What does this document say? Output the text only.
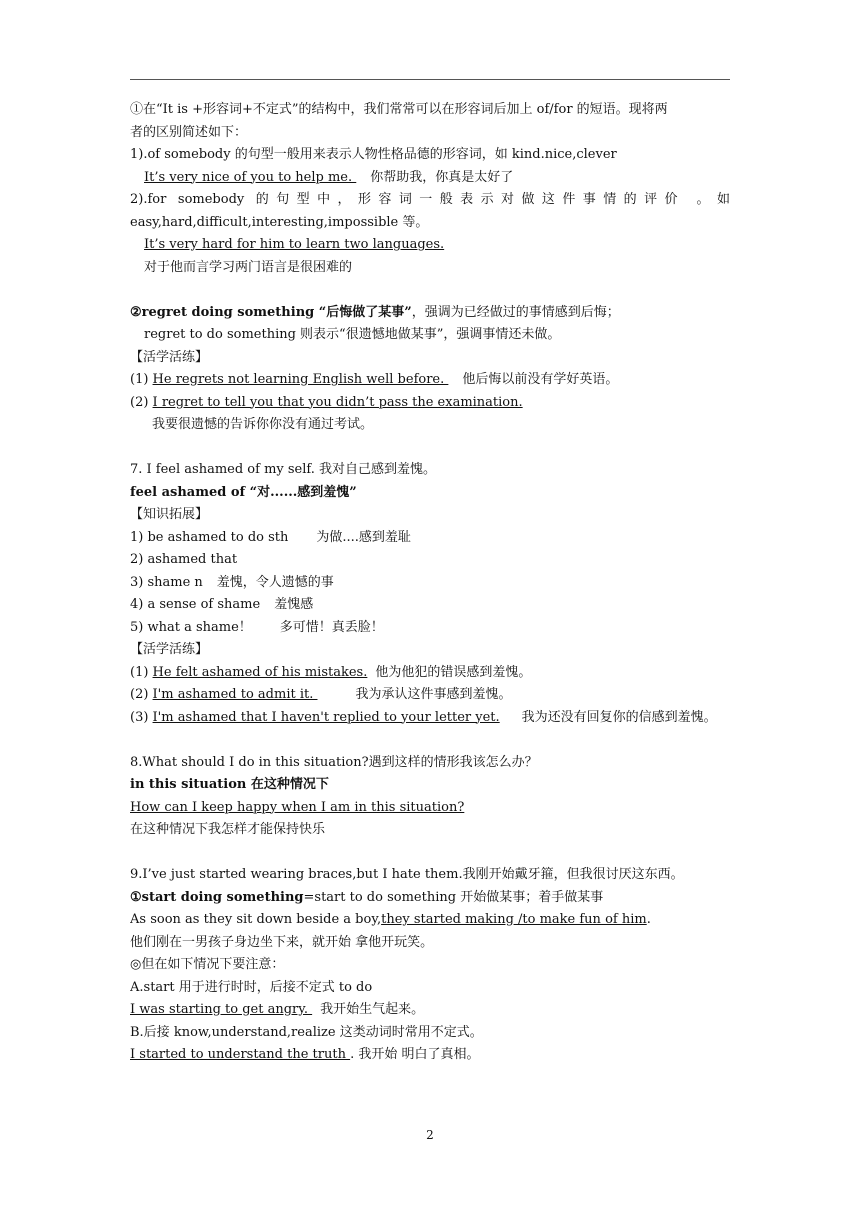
①在“It is +形容词+不定式”的结构中，我们常常可以在形容词后加上 of/for 的短语。现将两
者的区别简述如下：
1).of somebody 的句型一般用来表示人物性格品德的形容词，如 kind.nice,clever
It’s very nice of you to help me. 你帮助我，你真是太好了
2).for somebody 的句型中，形容词一般表示对做这件事情的评价 。如
easy,hard,difficult,interesting,impossible 等。
It’s very hard for him to learn two languages.
对于他而言学习两门语言是很困难的
②regret doing something “后悔做了某事”，强调为已经做过的事情感到后悔；
regret to do something 则表示“很遗憾地做某事”，强调事情还未做。
【活学活练】
(1) He regrets not learning English well before. 他后悔以前没有学好英语。
(2) I regret to tell you that you didn’t pass the examination.
我要很遗憾的告诉你你没有通过考试。
7. I feel ashamed of my self. 我对自己感到羞愧。
feel ashamed of “对......感到羞愧”
【知识拓展】
1) be ashamed to do sth 为做....感到羞耻
2) ashamed that
3) shame n 羞愧，令人遗憾的事
4) a sense of shame 羞愧感
5) what a shame！ 多可惜！真丢脸！
【活学活练】
(1) He felt ashamed of his mistakes. 他为他犯的错误感到羞愧。
(2) I'm ashamed to admit it.	我为承认这件事感到羞愧。
(3) I'm ashamed that I haven't replied to your letter yet. 我为还没有回复你的信感到羞愧。
8.What should I do in this situation?遇到这样的情形我该怎么办？
in this situation 在这种情况下
How can I keep happy when I am in this situation?
在这种情况下我怎样才能保持快乐
9.I’ve just started wearing braces,but I hate them.我刚开始戴牙箍，但我很讨厌这东西。
①start doing something=start to do something 开始做某事；着手做某事
As soon as they sit down beside a boy,they started making /to make fun of him.
他们刚在一男孩子身边坐下来，就开始 拿他开玩笑。
◎但在如下情况下要注意：
A.start 用于进行时时，后接不定式 to do
I was starting to get angry. 我开始生气起来。
B.后接 know,understand,realize 这类动词时常用不定式。
I started to understand the truth . 我开始 明白了真相。
2
